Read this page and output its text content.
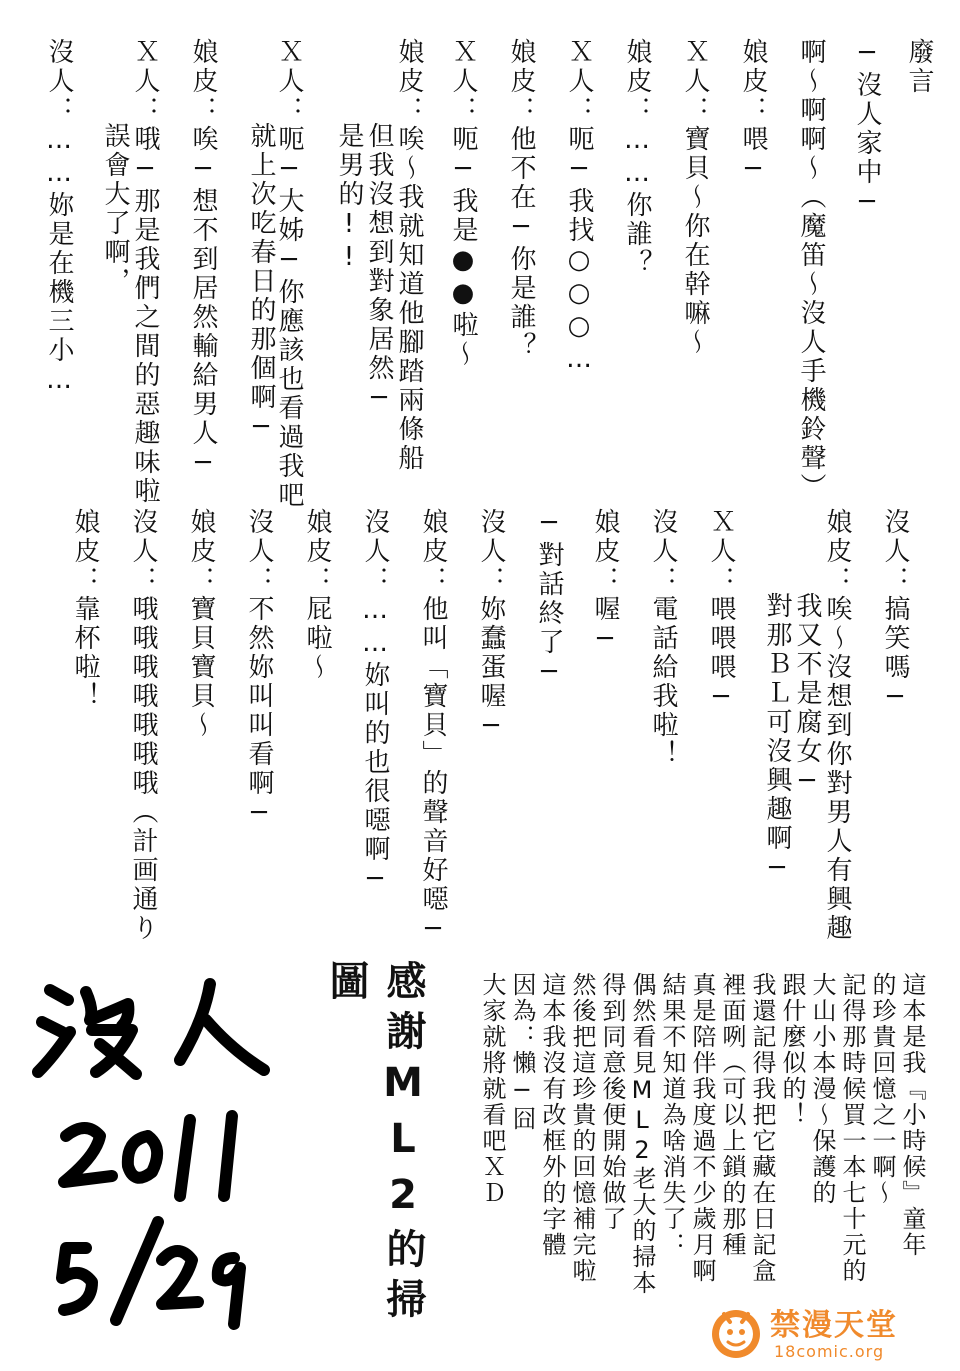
廢言
─沒人家中─
啊～啊啊～（魔笛～沒人手機鈴聲）
娘皮：喂─
Ｘ人：寶貝～你在幹嘛～
娘皮：……你誰？
Ｘ人：呃─我找○○○…
娘皮：他不在─你是誰？
Ｘ人：呃─我是●●啦～
娘皮：唉～我就知道他腳踏兩條船
但我沒想到對象居然─
是男的!!
Ｘ人：呃─大姊─你應該也看過我吧
就上次吃春日的那個啊─
娘皮：唉─想不到居然輸給男人─
Ｘ人：哦─那是我們之間的惡趣味啦
誤會大了啊，
沒人：……妳是在機三小…
沒人：搞笑嗎─
娘皮：唉～沒想到你對男人有興趣
我又不是腐女─
對那ＢＬ可沒興趣啊─
Ｘ人：喂喂喂─
沒人：電話給我啦！
娘皮：喔─
─對話終了─
沒人：妳蠢蛋喔─
娘皮：他叫「寶貝」的聲音好噁─
沒人：……妳叫的也很噁啊─
娘皮：屁啦～
沒人：不然妳叫叫看啊─
娘皮：寶貝寶貝～
沒人：哦哦哦哦哦哦哦（計画通り
娘皮：靠杯啦！
這本是我『小時候』童年
的珍貴回憶之一啊～
記得那時候買一本七十元的
大山小本漫～保護的
跟什麼似的！
我還記得我把它藏在日記盒
裡面咧（可以上鎖的那種
真是陪伴我度過不少歲月啊
結果不知道為啥消失了：
偶然看見ML2老大的掃本
得到同意後便開始做了
然後把這珍貴的回憶補完啦
這本我沒有改框外的字體
因為：懶─囧
大家就將就看吧ＸＤ
感謝ML2的掃圖
禁漫天堂
18comic.org
